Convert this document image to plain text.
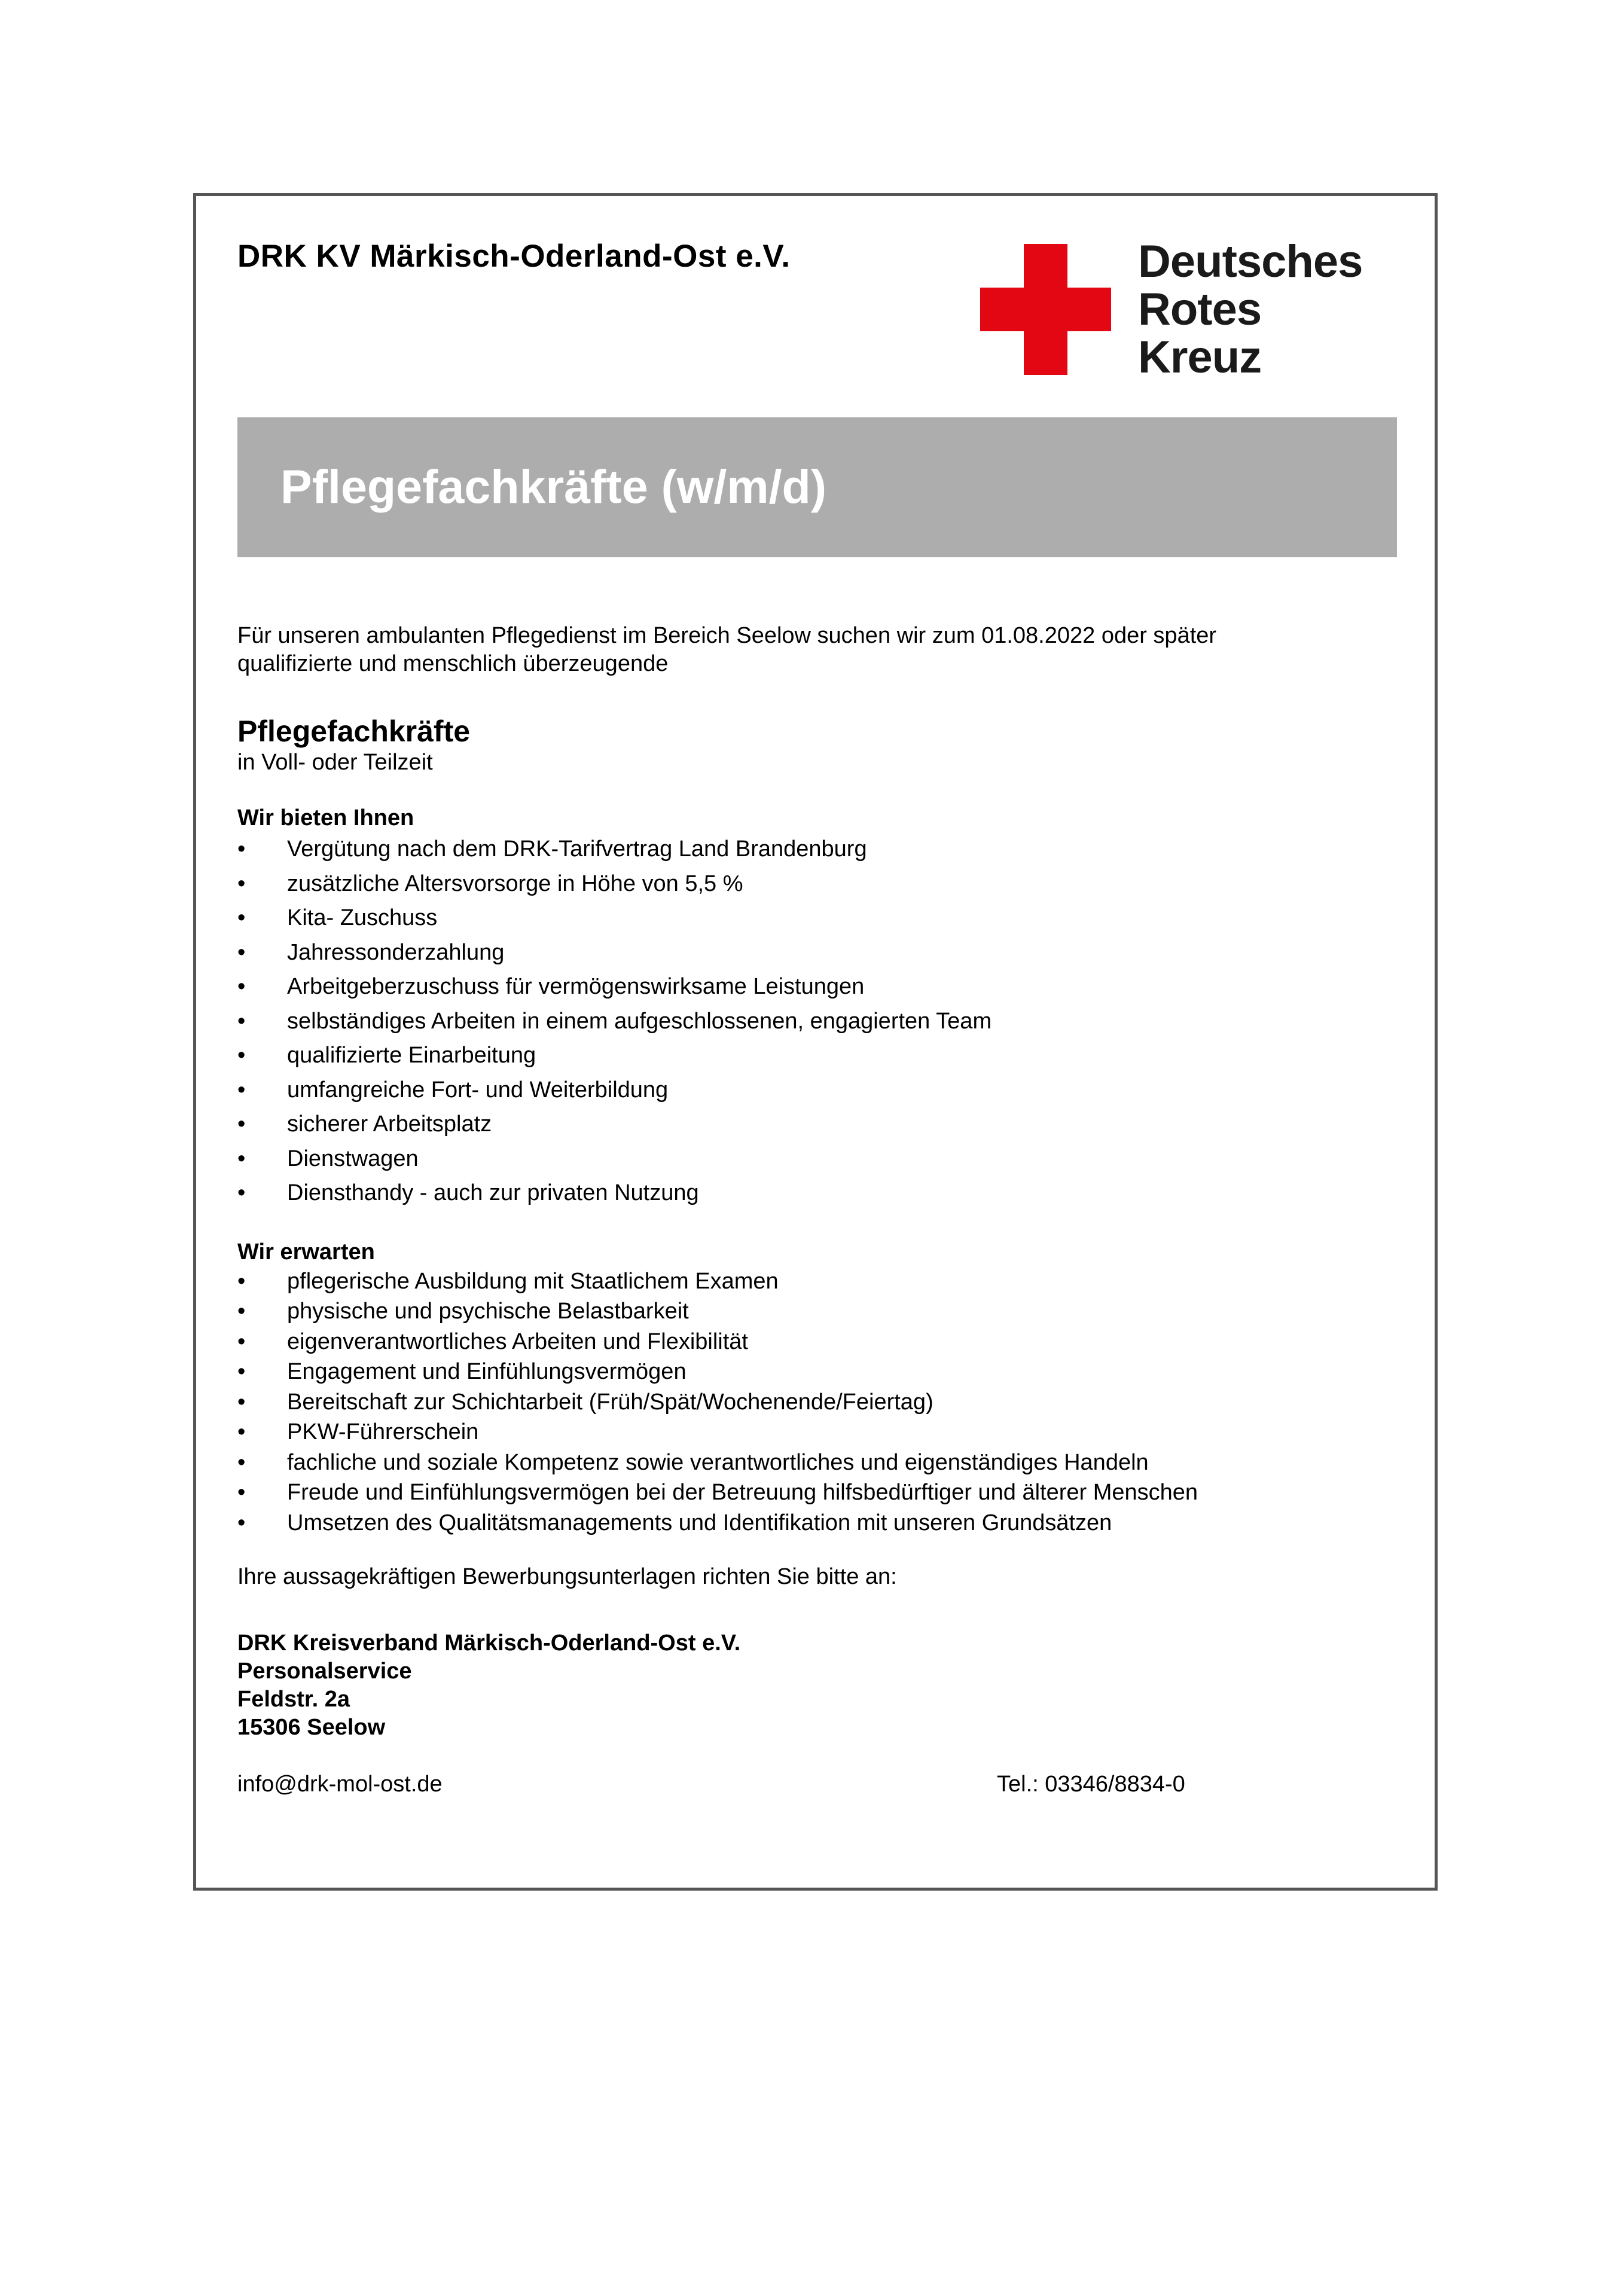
DRK KV Märkisch-Oderland-Ost e.V.	Deutsches
Rotes
Kreuz
Pflegefachkräfte (w/m/d)

Für unseren ambulanten Pflegedienst im Bereich Seelow suchen wir zum 01.08.2022 oder später

qualifizierte und menschlich überzeugende

Pflegefachkräfte

in Voll- oder Teilzeit

Wir bieten Ihnen
• Vergütung nach dem DRK-Tarifvertrag Land Brandenburg
• zusätzliche Altersvorsorge in Höhe von 5,5 %
• Kita- Zuschuss
• Jahressonderzahlung
• Arbeitgeberzuschuss für vermögenswirksame Leistungen
• selbständiges Arbeiten in einem aufgeschlossenen, engagierten Team
• qualifizierte Einarbeitung
• umfangreiche Fort- und Weiterbildung
• sicherer Arbeitsplatz
• Dienstwagen
• Diensthandy - auch zur privaten Nutzung
Wir erwarten
• pflegerische Ausbildung mit Staatlichem Examen
• physische und psychische Belastbarkeit
• eigenverantwortliches Arbeiten und Flexibilität
• Engagement und Einfühlungsvermögen
• Bereitschaft zur Schichtarbeit (Früh/Spät/Wochenende/Feiertag)
• PKW-Führerschein
• fachliche und soziale Kompetenz sowie verantwortliches und eigenständiges Handeln
• Freude und Einfühlungsvermögen bei der Betreuung hilfsbedürftiger und älterer Menschen
• Umsetzen des Qualitätsmanagements und Identifikation mit unseren Grundsätzen
Ihre aussagekräftigen Bewerbungsunterlagen richten Sie bitte an:
DRK Kreisverband Märkisch-Oderland-Ost e.V.
Personalservice
Feldstr. 2a
15306 Seelow
info@drk-mol-ost.de	Tel.: 03346/8834-0
